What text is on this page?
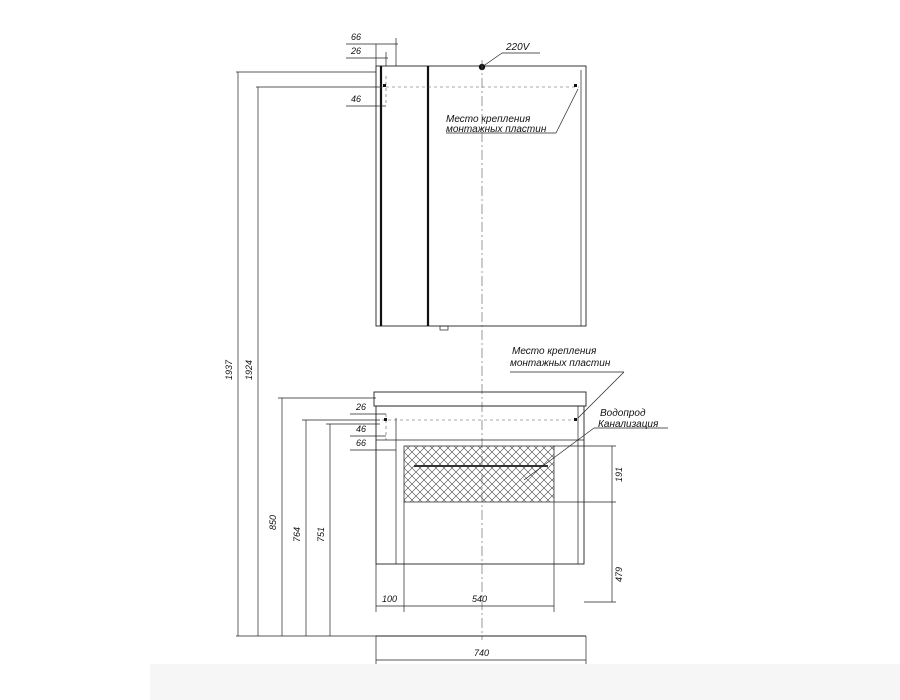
220V
Место крепления
монтажных пластин
66
26
46
1937 1924
850
764 751
Место крепления
монтажных пластин
Водопрод
Канализация
26
46
66
191
479
100	540
740
